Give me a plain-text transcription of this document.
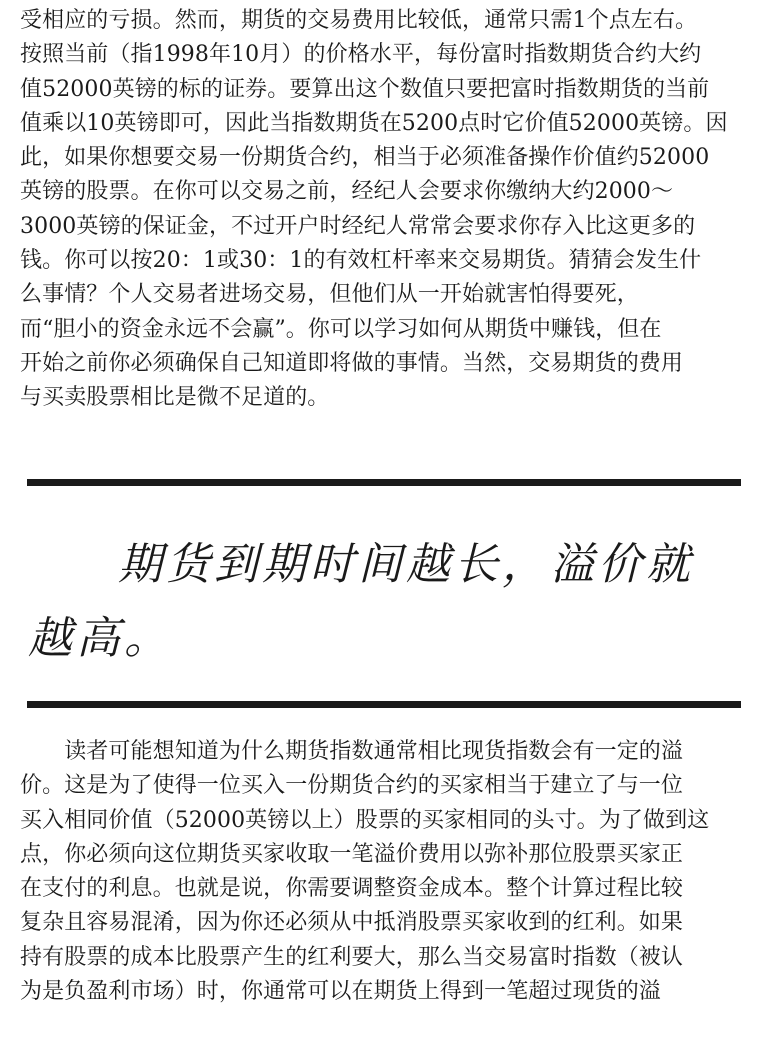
受相应的亏损。然而，期货的交易费用比较低，通常只需1个点左右。
按照当前（指1998年10月）的价格水平，每份富时指数期货合约大约
值52000英镑的标的证券。要算出这个数值只要把富时指数期货的当前
值乘以10英镑即可，因此当指数期货在5200点时它价值52000英镑。因
此，如果你想要交易一份期货合约，相当于必须准备操作价值约52000
英镑的股票。在你可以交易之前，经纪人会要求你缴纳大约2000～
3000英镑的保证金，不过开户时经纪人常常会要求你存入比这更多的
钱。你可以按20：1或30：1的有效杠杆率来交易期货。猜猜会发生什
么事情？个人交易者进场交易，但他们从一开始就害怕得要死，
而“胆小的资金永远不会赢”。你可以学习如何从期货中赚钱，但在
开始之前你必须确保自己知道即将做的事情。当然，交易期货的费用
与买卖股票相比是微不足道的。
期货到期时间越长，溢价就
越高。
　　读者可能想知道为什么期货指数通常相比现货指数会有一定的溢
价。这是为了使得一位买入一份期货合约的买家相当于建立了与一位
买入相同价值（52000英镑以上）股票的买家相同的头寸。为了做到这
点，你必须向这位期货买家收取一笔溢价费用以弥补那位股票买家正
在支付的利息。也就是说，你需要调整资金成本。整个计算过程比较
复杂且容易混淆，因为你还必须从中抵消股票买家收到的红利。如果
持有股票的成本比股票产生的红利要大，那么当交易富时指数（被认
为是负盈利市场）时，你通常可以在期货上得到一笔超过现货的溢
